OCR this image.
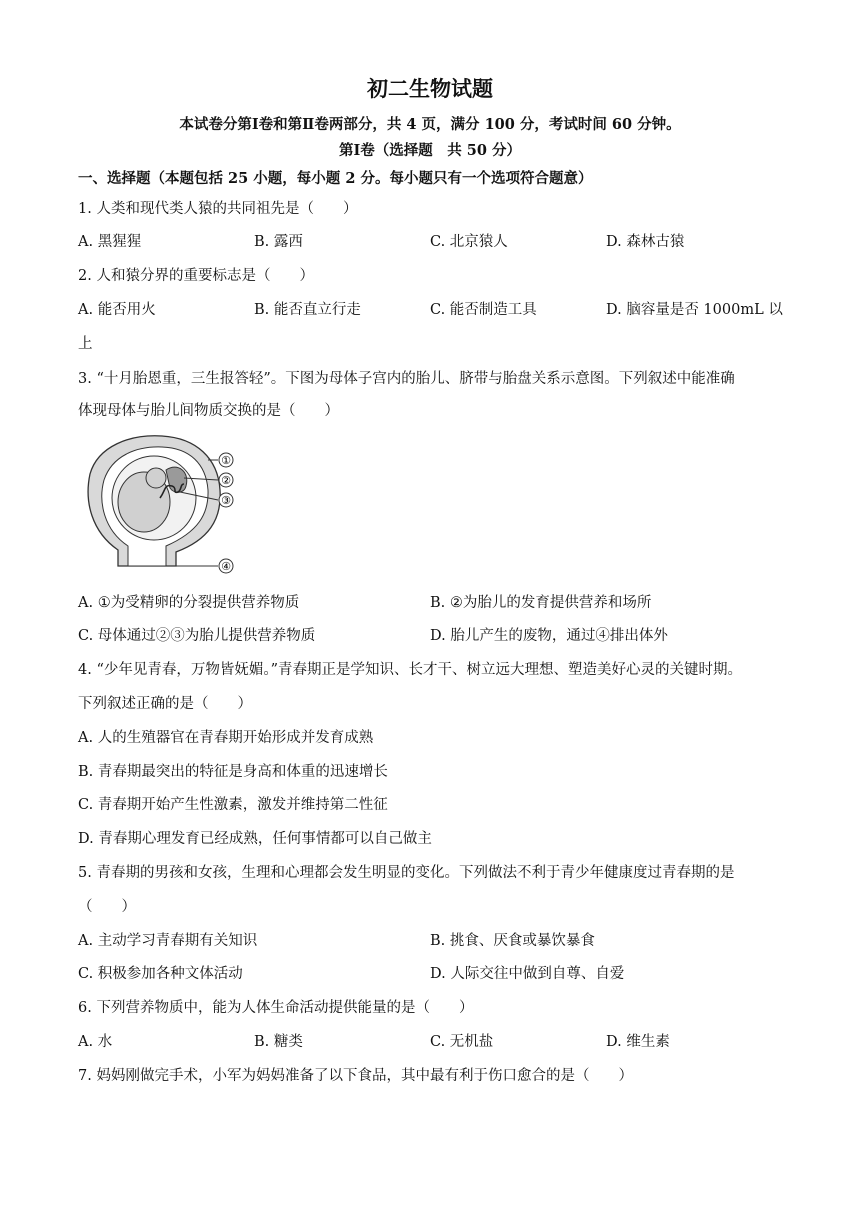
初二生物试题
本试卷分第Ⅰ卷和第Ⅱ卷两部分，共 4 页，满分 100 分，考试时间 60 分钟。
第Ⅰ卷（选择题　共 50 分）
一、选择题（本题包括 25 小题，每小题 2 分。每小题只有一个选项符合题意）
1. 人类和现代类人猿的共同祖先是（　　）
A. 黑猩猩	B. 露西	C. 北京猿人	D. 森林古猿
2. 人和猿分界的重要标志是（　　）
A. 能否用火	B. 能否直立行走	C. 能否制造工具	D. 脑容量是否 1000mL 以
上
3. “十月胎恩重，三生报答轻”。下图为母体子宫内的胎儿、脐带与胎盘关系示意图。下列叙述中能准确
体现母体与胎儿间物质交换的是（　　）
①
②
③
④
A. ①为受精卵的分裂提供营养物质	B. ②为胎儿的发育提供营养和场所
C. 母体通过②③为胎儿提供营养物质	D. 胎儿产生的废物，通过④排出体外
4. “少年见青春，万物皆妩媚。”青春期正是学知识、长才干、树立远大理想、塑造美好心灵的关键时期。
下列叙述正确的是（　　）
A. 人的生殖器官在青春期开始形成并发育成熟
B. 青春期最突出的特征是身高和体重的迅速增长
C. 青春期开始产生性激素，激发并维持第二性征
D. 青春期心理发育已经成熟，任何事情都可以自己做主
5. 青春期的男孩和女孩，生理和心理都会发生明显的变化。下列做法不利于青少年健康度过青春期的是
（　　）
A. 主动学习青春期有关知识	B. 挑食、厌食或暴饮暴食
C. 积极参加各种文体活动	D. 人际交往中做到自尊、自爱
6. 下列营养物质中，能为人体生命活动提供能量的是（　　）
A. 水	B. 糖类	C. 无机盐	D. 维生素
7. 妈妈刚做完手术，小军为妈妈准备了以下食品，其中最有利于伤口愈合的是（　　）
